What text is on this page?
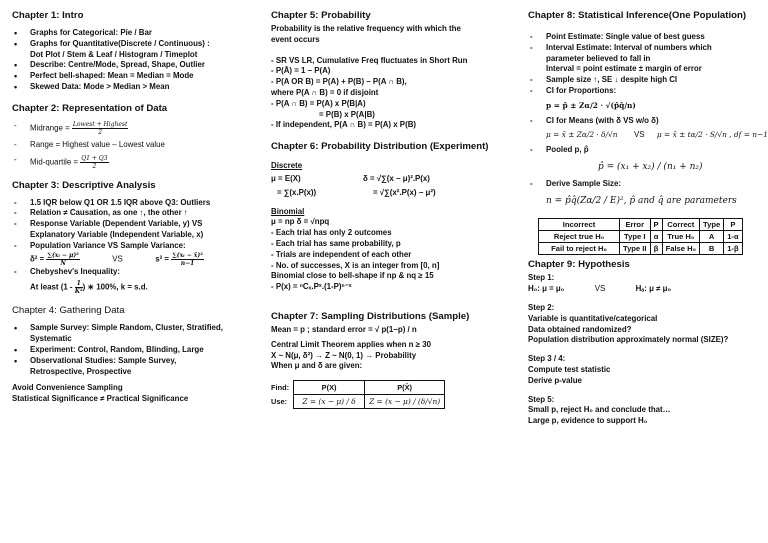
Chapter 1: Intro
• Graphs for Categorical: Pie / Bar
• Graphs for Quantitative(Discrete / Continuous) :
Dot Plot / Stem & Leaf / Histogram / Timeplot
• Describe: Centre/Mode, Spread, Shape, Outlier
• Perfect bell-shaped: Mean = Median = Mode
• Skewed Data: Mode > Median > Mean
Chapter 2: Representation of Data
- Midrange = $\frac{\text{Lowest + Highest}}{2}$
- Range = Highest value – Lowest value
- Mid-quartile = $\frac{Q1 + Q3}{2}$
Chapter 3: Descriptive Analysis
- 1.5 IQR below Q1 OR 1.5 IQR above Q3: Outliers
- Relation ≠ Causation, as one ↑, the other ↑
- Response Variable (Dependent Variable, y) VS
Explanatory Variable (Independent Variable, x)
- Population Variance VS Sample Variance:
$\delta^2 = \frac{\text{∑(xᵢ − μ)²}}{N}$	VS	$s^2 = \frac{\text{∑(xᵢ − x̄)²}}{n-1}$
- Chebyshev's Inequality:
At least ($1 - \frac{1}{\text{K²}}$ ) ∗ 100%, k = s.d.
Chapter 4: Gathering Data
• Sample Survey: Simple Random, Cluster, Stratified,
Systematic
• Experiment: Control, Random, Blinding, Large
• Observational Studies: Sample Survey,
Retrospective, Prospective
Avoid Convenience Sampling
Statistical Significance ≠ Practical Significance
Chapter 5: Probability
Probability is the relative frequency with which the
event occurs
- SR VS LR, Cumulative Freq fluctuates in Short Run
- P(Ā) = 1 – P(A)
- P(A OR B) = P(A) + P(B) – P(A ∩ B),
where P(A ∩ B) = 0 if disjoint
- P(A ∩ B) = P(A) x P(B|A)
= P(B) x P(A|B)
- If independent, P(A ∩ B) = P(A) x P(B)
Chapter 6: Probability Distribution (Experiment)
Discrete
μ = E(X)	δ = √∑(x − μ)².P(x)
= ∑(x.P(x))	= √∑(x².P(x) − μ²)
Binomial
μ = np δ = √npq
- Each trial has only 2 outcomes
- Each trial has same probability, p
- Trials are independent of each other
- No. of successes, X is an integer from [0, n]
Binomial close to bell-shape if np & nq ≥ 15
- P(x) = ⁿCₓ.Pˣ.(1-P)ⁿ⁻ˣ
Chapter 7: Sampling Distributions (Sample)
Mean = p ; standard error = √ p(1−p) / n
Central Limit Theorem applies when n ≥ 30
X ~ N(μ, δ²) → Z ~ N(0, 1) → Probability
When μ and δ are given:
Find:	P(X)	P(X̄)
Use:	Z = (x − μ) / δ	Z = (x − μ) / (δ/√n)
Chapter 8: Statistical Inference(One Population)
- Point Estimate: Single value of best guess
- Interval Estimate: Interval of numbers which
parameter believed to fall in
Interval = point estimate ± margin of error
- Sample size ↑, SE ↓ despite high CI
- CI for Proportions:
p = p̂ ± Zα/2 · √(p̂q̂/n)
- CI for Means (with δ VS w/o δ)
μ = x̄ ± Zα/2 · δ/√n VS μ = x̄ ± tα/2 · S/√n , df = n−1
- Pooled p, p̂
p̂ = (x₁ + x₂) / (n₁ + n₂)
- Derive Sample Size:
n = p̂q̂(Zα/2 / E)², p̂ and q̂ are parameters
Incorrect	Error	P	Correct	Type	P
Reject true H₀	Type I	α	True H₀	A	1-α
Fail to reject H₀	Type II	β	False H₀	B	1-β
Chapter 9: Hypothesis
Step 1:
H₀: μ = μ₀	VS	Hₐ: μ ≠ μ₀
Step 2:
Variable is quantitative/categorical
Data obtained randomized?
Population distribution approximately normal (SIZE)?
Step 3 / 4:
Compute test statistic
Derive p-value
Step 5:
Small p, reject H₀ and conclude that…
Large p, evidence to support H₀
